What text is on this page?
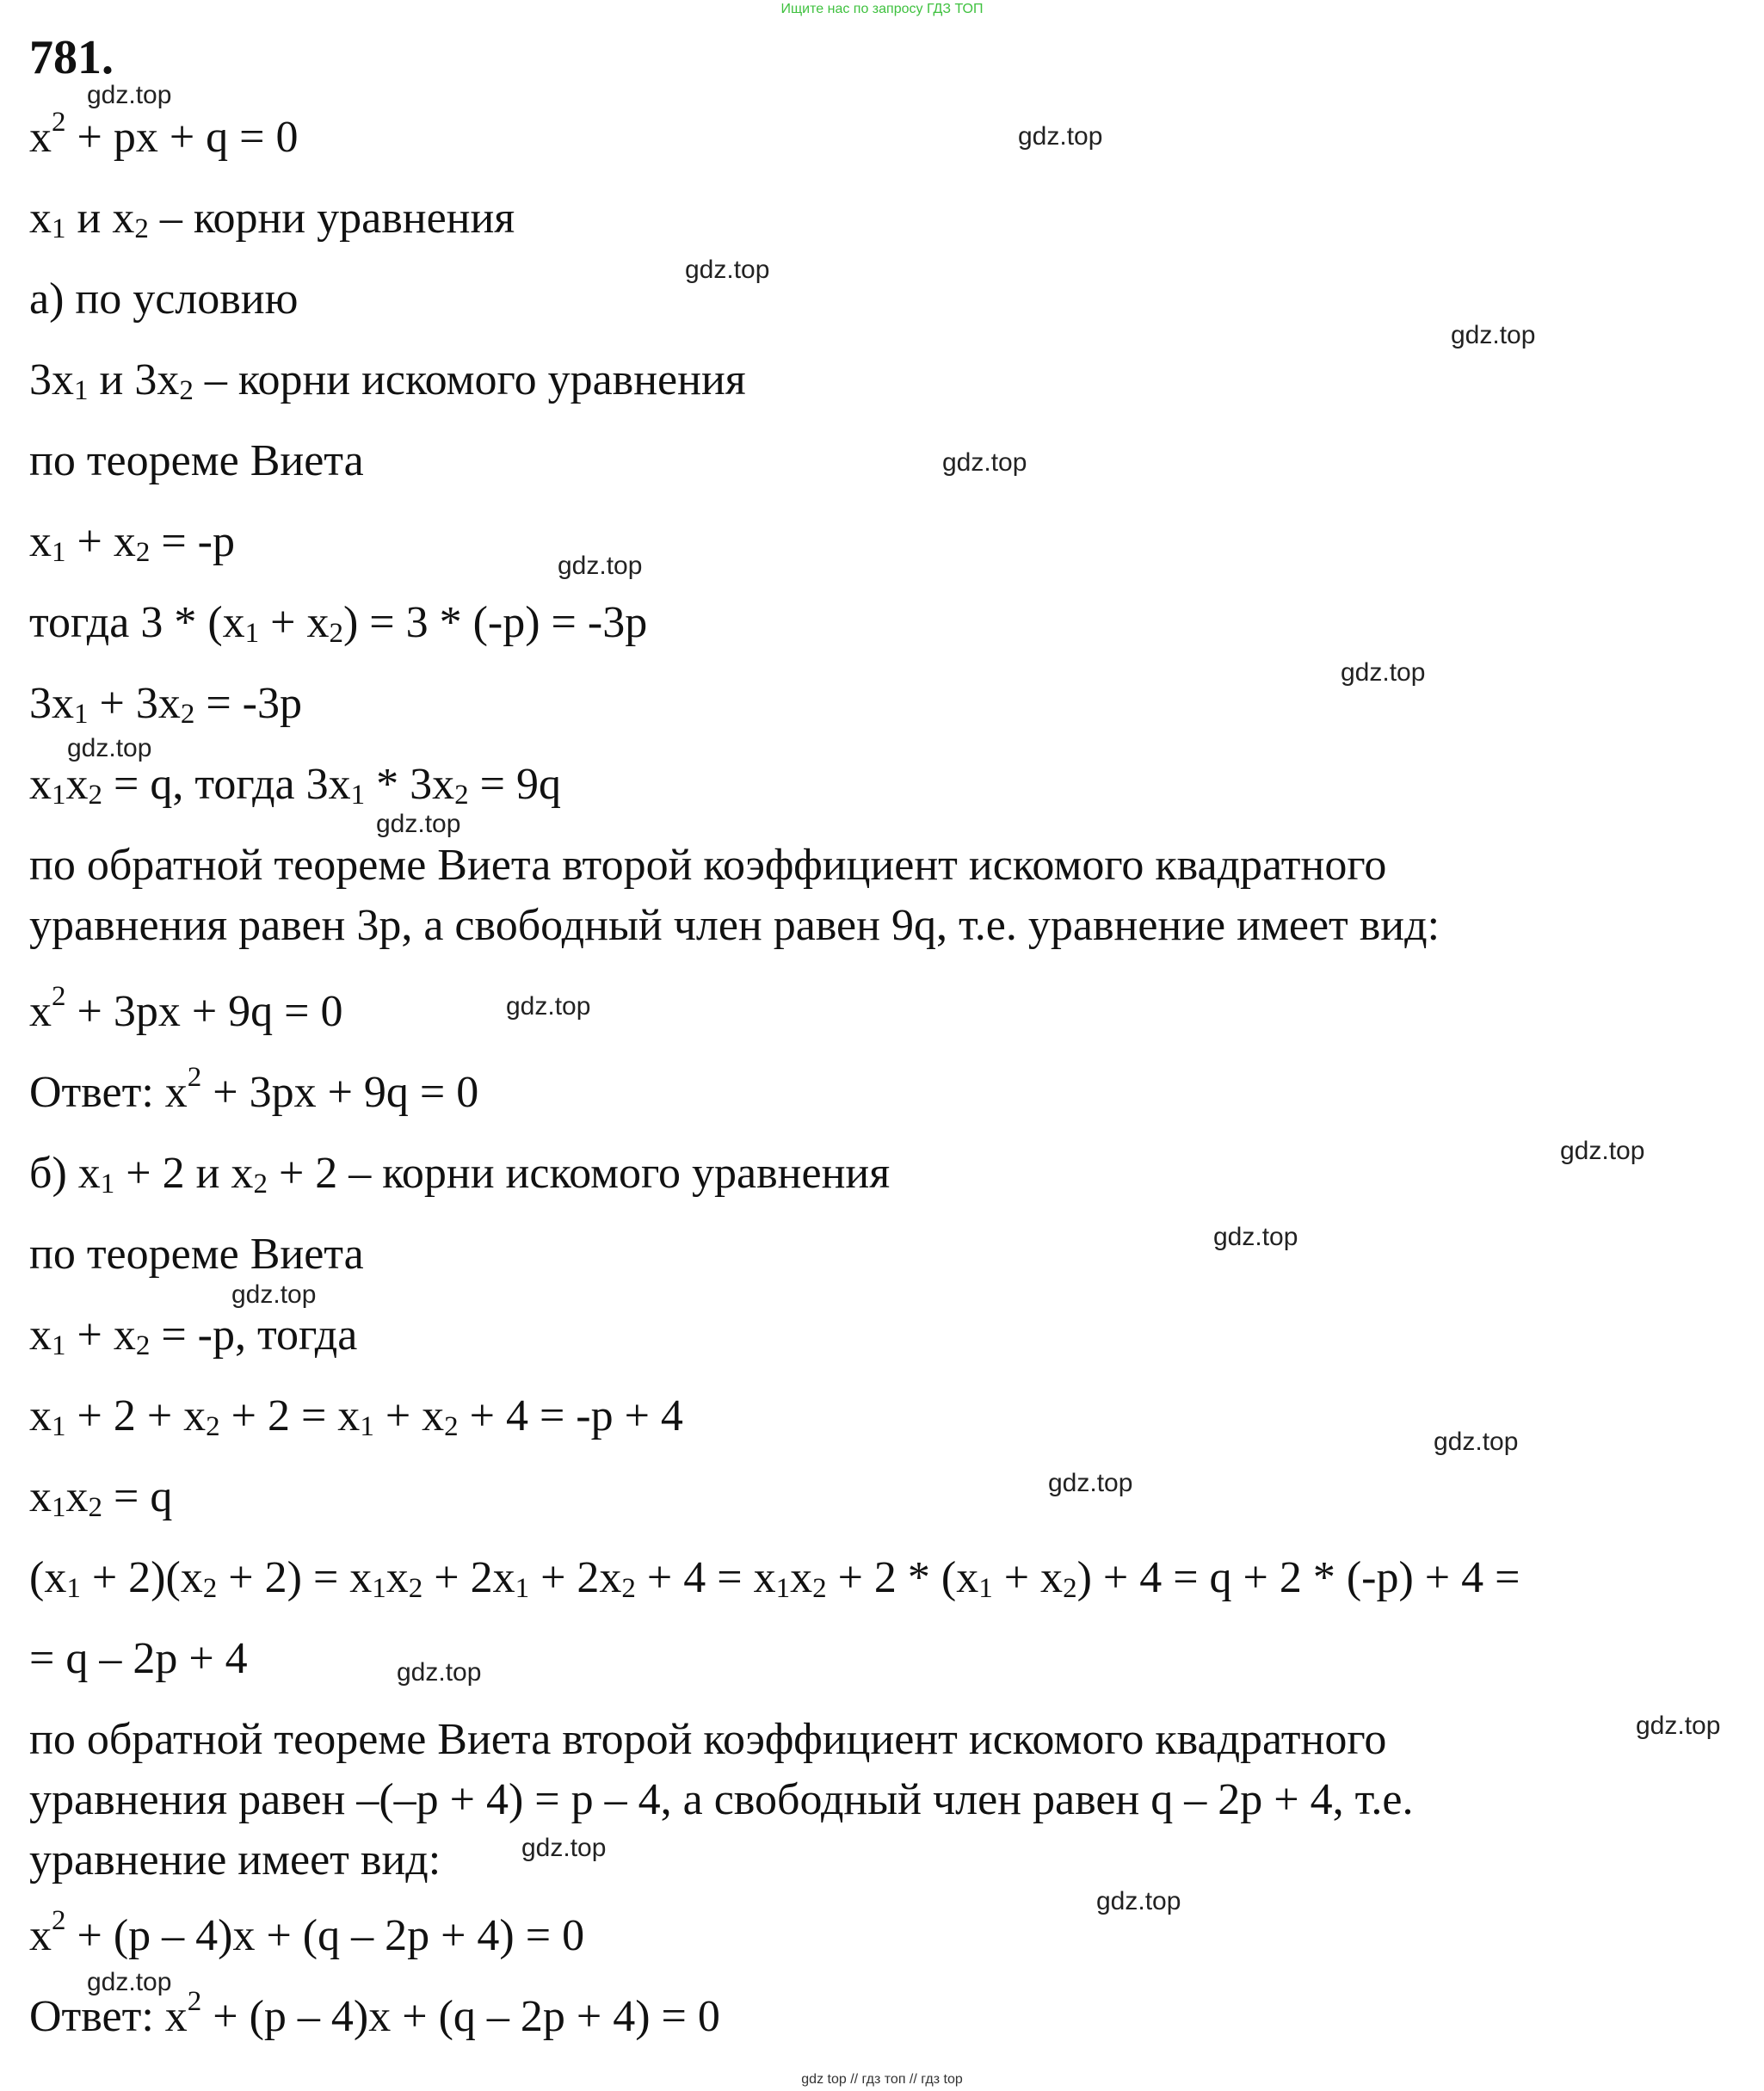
Ищите нас по запросу ГДЗ ТОП
781.
$x^2$ + px + q = 0
$x_1$ и $x_2$ – корни уравнения
а) по условию
$3x_1$ и $3x_2$ – корни искомого уравнения
по теореме Виета
$x_1 + x_2 = -p$
тогда $3 * (x_1 + x_2) = 3 * (-p) = -3p$
$3x_1 + 3x_2 = -3p$
$x_1x_2 = q$, тогда $3x_1 * 3x_2 = 9q$
по обратной теореме Виета второй коэффициент искомого квадратного
уравнения равен 3p, а свободный член равен 9q, т.е. уравнение имеет вид:
$x^2 + 3px + 9q = 0$
Ответ: $x^2 + 3px + 9q = 0$
б) $x_1 + 2$ и $x_2 + 2$ – корни искомого уравнения
по теореме Виета
$x_1 + x_2 = -p$, тогда
$x_1 + 2 + x_2 + 2 = x_1 + x_2 + 4 = -p + 4$
$x_1x_2 = q$
$(x_1 + 2)(x_2 + 2) = x_1x_2 + 2x_1 + 2x_2 + 4 = x_1x_2 + 2 * (x_1 + x_2) + 4 = q + 2 * (-p) + 4$ =
= q – 2p + 4
по обратной теореме Виета второй коэффициент искомого квадратного
уравнения равен –(–p + 4) = p – 4, а свободный член равен q – 2p + 4, т.е.
уравнение имеет вид:
$x^2 + (p - 4)x + (q - 2p + 4) = 0$
Ответ: $x^2 + (p - 4)x + (q - 2p + 4) = 0$
gdz.top
gdz.top
gdz.top
gdz.top
gdz.top
gdz.top
gdz.top
gdz.top
gdz.top
gdz.top
gdz.top
gdz.top
gdz.top
gdz.top
gdz.top
gdz.top
gdz.top
gdz.top
gdz.top
gdz.top
gdz top // гдз топ // гдз top
